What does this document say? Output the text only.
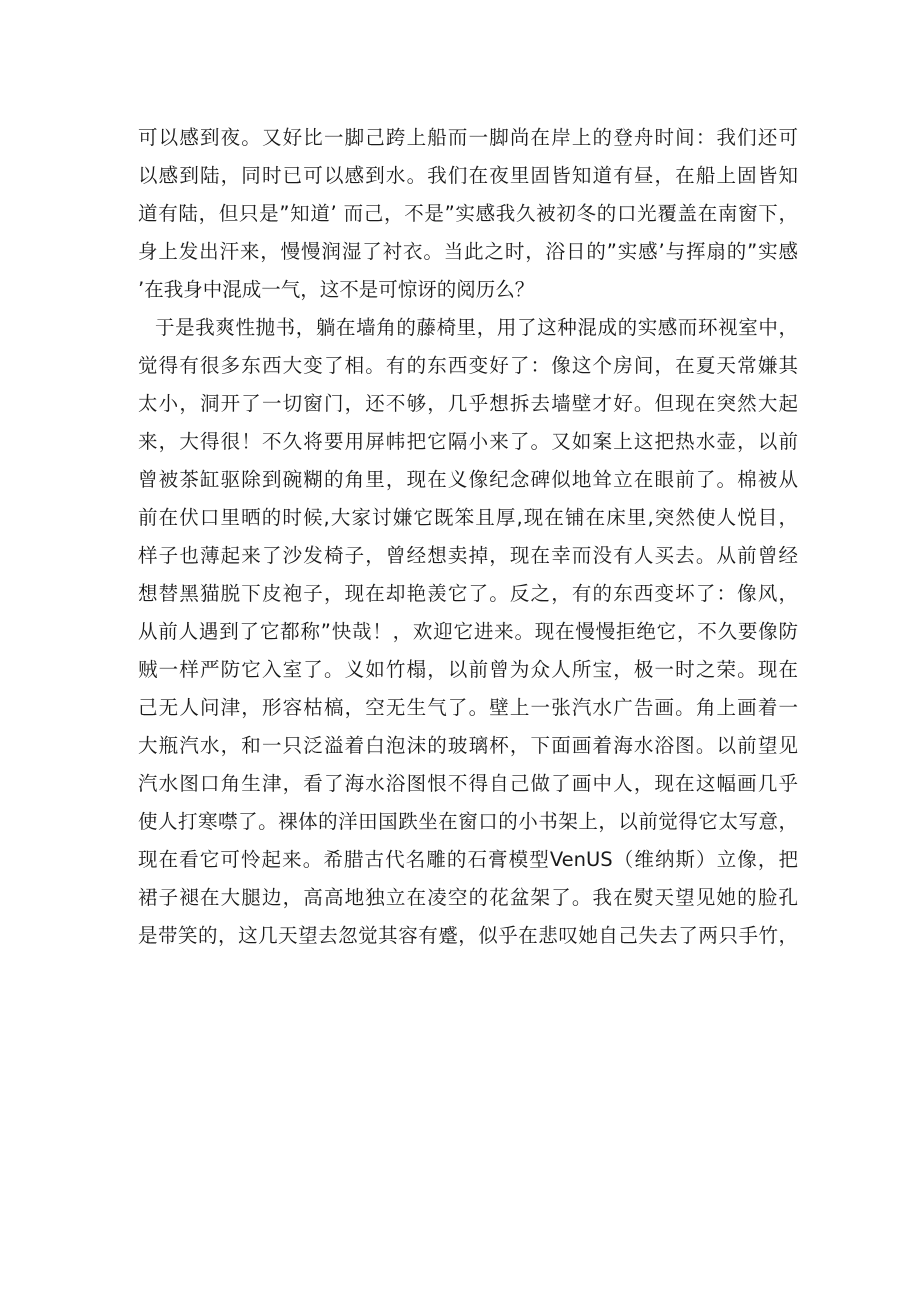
可以感到夜。又好比一脚己跨上船而一脚尚在岸上的登舟时间：我们还可
以感到陆，同时已可以感到水。我们在夜里固皆知道有昼，在船上固皆知
道有陆，但只是”知道’ 而己，不是”实感我久被初冬的口光覆盖在南窗下，
身上发出汗来，慢慢润湿了衬衣。当此之时，浴日的”实感’与挥扇的”实感
’在我身中混成一气，这不是可惊讶的阅历么？
于是我爽性抛书，躺在墙角的藤椅里，用了这种混成的实感而环视室中，
觉得有很多东西大变了相。有的东西变好了：像这个房间，在夏天常嫌其
太小，洞开了一切窗门，还不够，几乎想拆去墙壁才好。但现在突然大起
来，大得很！不久将要用屏帏把它隔小来了。又如案上这把热水壶，以前
曾被茶缸驱除到碗糊的角里，现在义像纪念碑似地耸立在眼前了。棉被从
前在伏口里晒的时候,大家讨嫌它既笨且厚,现在铺在床里,突然使人悦目，
样子也薄起来了沙发椅子，曾经想卖掉，现在幸而没有人买去。从前曾经
想替黑猫脱下皮袍子，现在却艳羡它了。反之，有的东西变坏了：像风，
从前人遇到了它都称”快哉！，欢迎它进来。现在慢慢拒绝它，不久要像防
贼一样严防它入室了。义如竹榻，以前曾为众人所宝，极一时之荣。现在
己无人问津，形容枯槁，空无生气了。壁上一张汽水广告画。角上画着一
大瓶汽水，和一只泛溢着白泡沫的玻璃杯，下面画着海水浴图。以前望见
汽水图口角生津，看了海水浴图恨不得自己做了画中人，现在这幅画几乎
使人打寒噤了。裸体的洋田国跌坐在窗口的小书架上，以前觉得它太写意，
现在看它可怜起来。希腊古代名雕的石膏模型VenUS（维纳斯）立像，把
裙子褪在大腿边，高高地独立在凌空的花盆架了。我在熨天望见她的脸孔
是带笑的，这几天望去忽觉其容有蹙，似乎在悲叹她自己失去了两只手竹，
